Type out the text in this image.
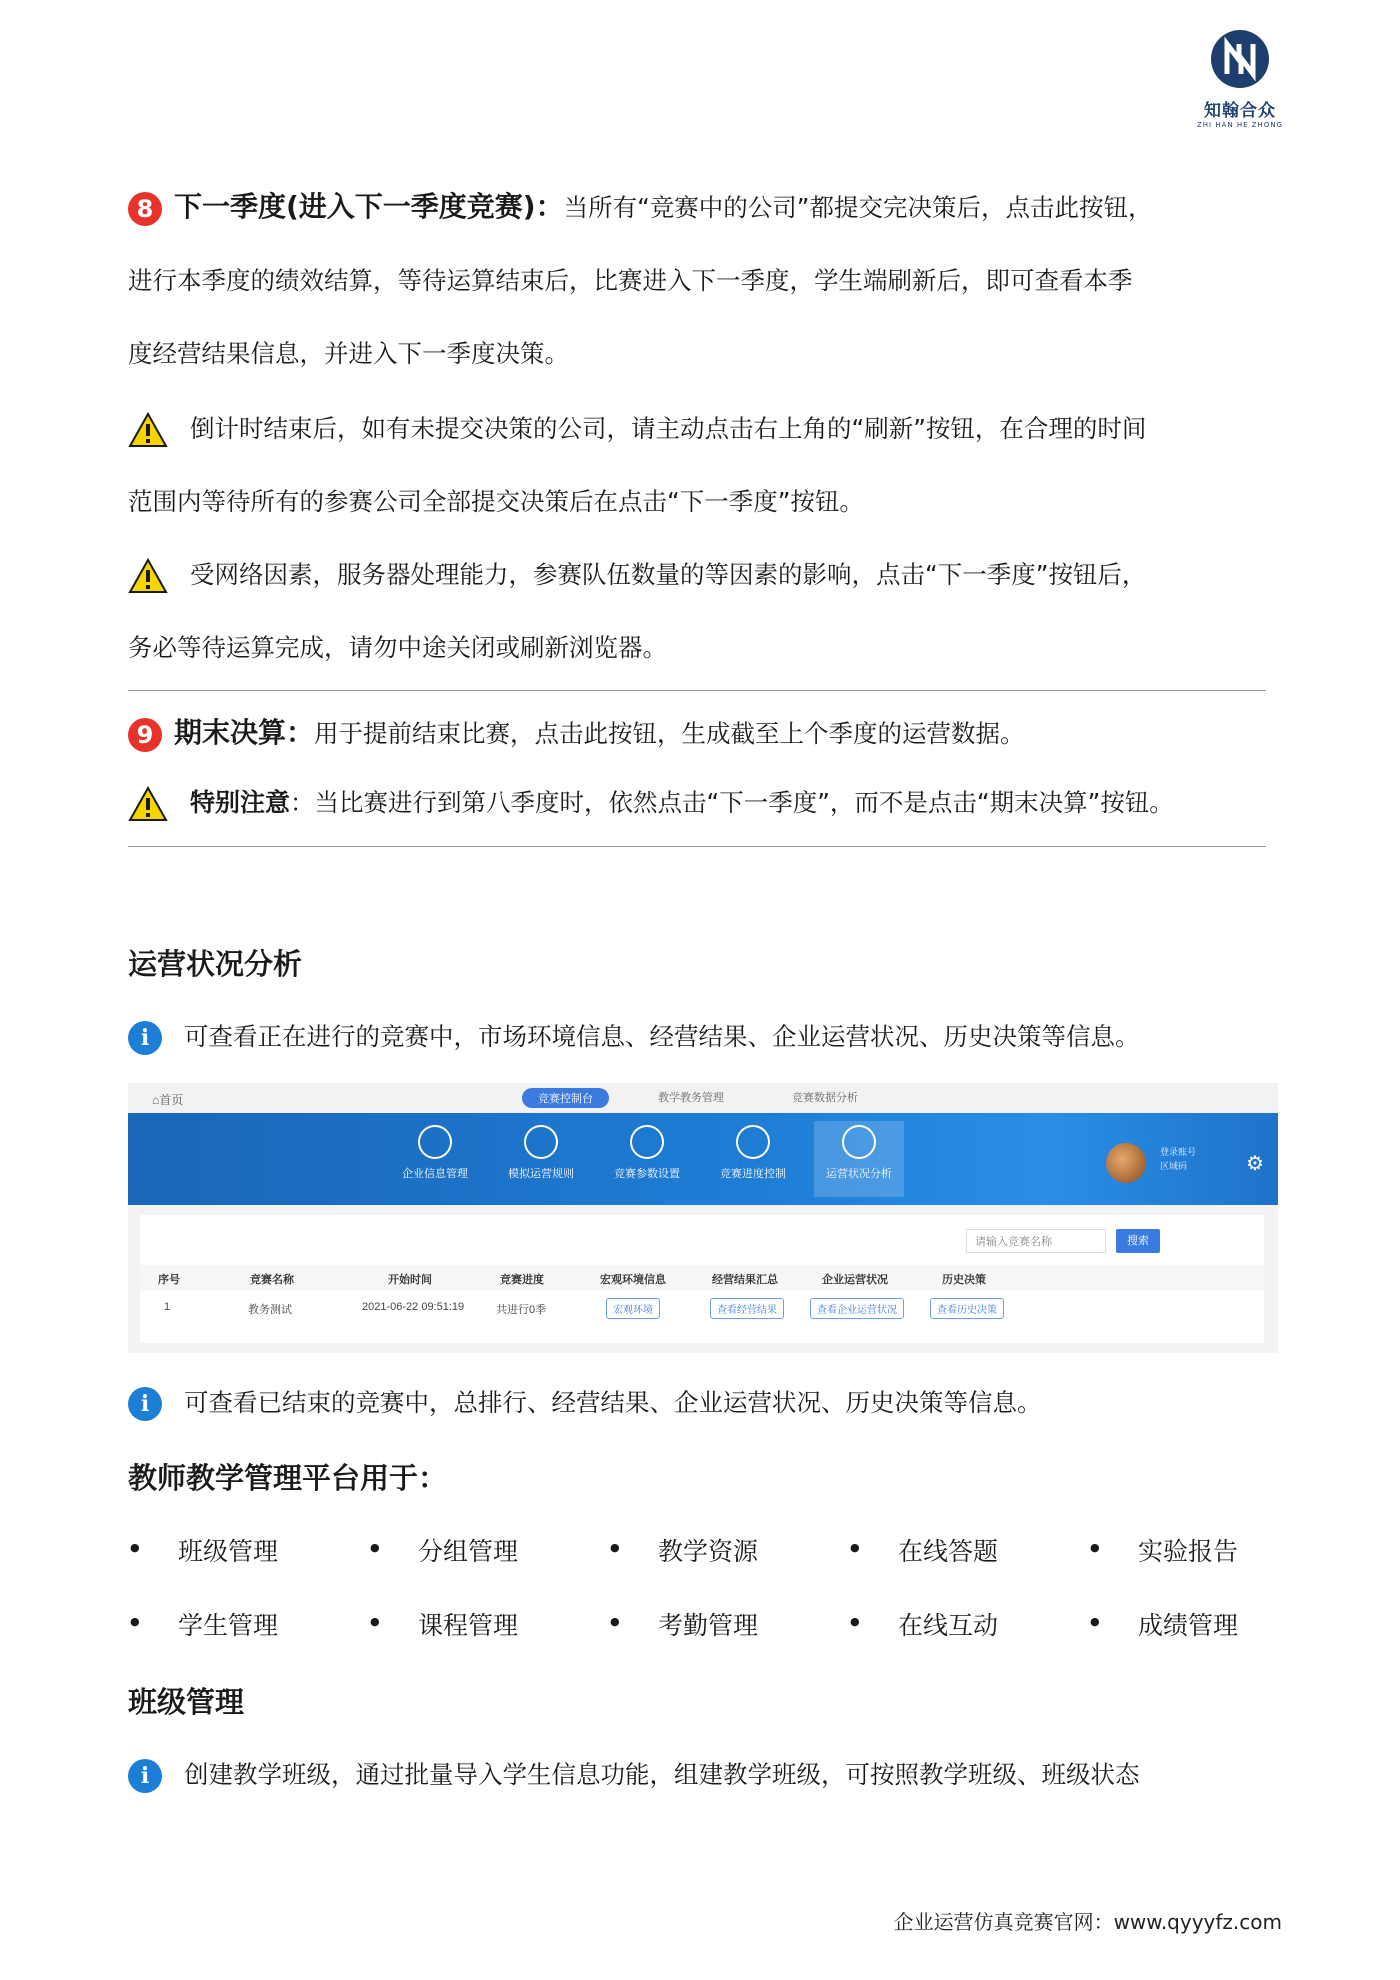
知翰合众
ZHI HAN HE ZHONG
8 下一季度(进入下一季度竞赛)：当所有“竞赛中的公司”都提交完决策后，点击此按钮，
进行本季度的绩效结算，等待运算结束后，比赛进入下一季度，学生端刷新后，即可查看本季
度经营结果信息，并进入下一季度决策。
倒计时结束后，如有未提交决策的公司，请主动点击右上角的“刷新”按钮，在合理的时间
范围内等待所有的参赛公司全部提交决策后在点击“下一季度”按钮。
受网络因素，服务器处理能力，参赛队伍数量的等因素的影响，点击“下一季度”按钮后，
务必等待运算完成，请勿中途关闭或刷新浏览器。
9 期末决算：用于提前结束比赛，点击此按钮，生成截至上个季度的运营数据。
特别注意：当比赛进行到第八季度时，依然点击“下一季度”，而不是点击“期末决算”按钮。
运营状况分析
i 可查看正在进行的竞赛中，市场环境信息、经营结果、企业运营状况、历史决策等信息。
⌂首页	竞赛控制台	教学教务管理	竞赛数据分析
企业信息管理	模拟运营规则	竞赛参数设置	竞赛进度控制	运营状况分析
登录账号
区域码	⚙
请输入竞赛名称	搜索
序号	竞赛名称	开始时间	竞赛进度	宏观环境信息	经营结果汇总	企业运营状况	历史决策
1	教务测试	2021-06-22 09:51:19	共进行0季	宏观环境	查看经营结果	查看企业运营状况	查看历史决策
i 可查看已结束的竞赛中，总排行、经营结果、企业运营状况、历史决策等信息。
教师教学管理平台用于：
● 班级管理	● 分组管理	● 教学资源	● 在线答题	● 实验报告
● 学生管理	● 课程管理	● 考勤管理	● 在线互动	● 成绩管理
班级管理
i 创建教学班级，通过批量导入学生信息功能，组建教学班级，可按照教学班级、班级状态
企业运营仿真竞赛官网：www.qyyyfz.com
